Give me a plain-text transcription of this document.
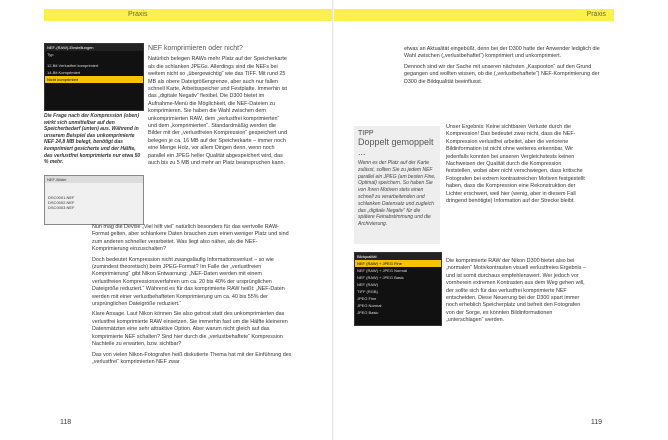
Praxis
NEF-(RAW)-Einstellungen
Typ
12-Bit Verlustfrei komprimiert
14-Bit Komprimiert
Nicht komprimiert
Die Frage nach der Kompression (oben) wirkt sich unmittelbar auf den Speicherbedarf (unten) aus. Während in unserem Beispiel das unkomprimierte NEF 24,8 MB belegt, benötigt das komprimiert gesicherte und der Hälfte, das verlustfrei komprimierte nur etwa 50 % mehr.
NEF-Bilder
DSC0001.NEF
DSC0002.NEF
DSC0003.NEF
NEF komprimieren oder nicht?

Natürlich belegen RAWs mehr Platz auf der Speicherkarte als die schlanken JPEGs. Allerdings sind die NEFs bei weitem nicht so „übergewichtig“ wie das TIFF. Mit rund 25 MB als obere Dateigrößengrenze, aber auch nur fallen schnell Karte, Arbeitsspeicher und Festplatte. Immerhin ist das „digitale Negativ“ flexibel. Die D300 bietet im Aufnahme-Menü die Möglichkeit, die NEF-Dateien zu komprimieren. Sie haben die Wahl zwischen dem unkomprimierten RAW, dem „verlustfrei komprimierten“ und dem „komprimierten“. Standardmäßig werden die Bilder mit der „verlustfreien Kompression“ gespeichert und belegen je ca. 16 MB auf der Speicherkarte – immer noch eine Menge Holz, vor allem Dingen denn, wenn noch parallel ein JPEG heller Qualität abgespeichert wird, das auch bis zu 5 MB und mehr an Platz beanspruchen kann.

Nun mag die Devise „Viel hilft viel“ natürlich besonders für das wertvolle RAW-Format gelten, aber schlankere Daten brauchen zum einen weniger Platz und sind zum anderen schneller verarbeitet. Was liegt also näher, als die NEF-Komprimierung einzuschalten?

Doch bedeutet Kompression nicht zwangsläufig Informationsverlust – so wie (zumindest theoretisch) beim JPEG-Format? Im Falle der „verlustfreien Komprimierung“ gibt Nikon Entwarnung: „NEF-Daten werden mit einem verlustfreien Kompressionsverfahren um ca. 20 bis 40% der ursprünglichen Dateigröße reduziert.“ Während es für das komprimierte RAW heißt: „NEF-Daten werden mit einer verlustbehafteten Komprimierung um ca. 40 bis 55% der ursprünglichen Dateigröße reduziert.“

Klare Ansage. Laut Nikon können Sie also getrost statt des unkomprimierten das verlustfrei komprimierte RAW einsetzen. Sie immerhin fast um die Hälfte kleineren Datenmätzten eine sehr attraktive Option. Aber warum nicht gleich auf das komprimierte NEF schalten? Sind hier durch die „verlustbehaftete“ Kompression Nachteile zu erwarten, bzw. sichtbar?

Das von vielen Nikon-Fotografen heiß diskutierte Thema hat mit der Einführung des „verlustfrei“ komprimierten NEF zwar

118
Praxis

etwas an Aktualität eingebüßt, denn bei der D300 hatte der Anwender lediglich die Wahl zwischen („verlustbehaftet“) komprimiert und unkomprimiert.

Dennoch sind wir der Sache mit unseren nächsten „Kaspooton“ auf den Grund gegangen und wollten wissen, ob die („verlustbehaftete“) NEF-Komprimierung der D300 die Bildqualität beeinflusst.

TIPP
Doppelt gemoppelt ...
Wenn es der Platz auf der Karte zulässt, sollten Sie zu jedem NEF parallel ein JPEG (am besten Fine, Optimal) speichern. So haben Sie von Ihren Motiven stets einen schnell zu verarbeitenden und schlanken Datensatz und zugleich das „digitale Negativ“ für die spätere Feinabstimmung und die Archivierung.
Bildqualität
NEF (RAW) + JPEG Fine
NEF (RAW) + JPEG Normal
NEF (RAW) + JPEG Basic
NEF (RAW)
TIFF (RGB)
JPEG Fine
JPEG Normal
JPEG Basic

Unser Ergebnis: Keine sichtbaren Verluste durch die Kompression! Das bedeutet zwar nicht, dass die NEF-Kompression verlustfrei arbeitet, aber die verlorene Bildinformation ist nicht ohne weiteres erkennbar. Wir jedenfalls konnten bei unseren Vergleichstests keinen Nachweisen der Qualität durch die Kompression feststellen, wobei aber nicht verschwiegen, dass kritische Fotografen bei extrem kontrastreichen Motiven festgestellt haben, dass die Kompression eine Rekonstruktion der Lichter erschwert, weil hier (wenig, aber in diesem Fall dringend benötigte) Information auf der Strecke bleibt.

Die komprimierte RAW der Nikon D300 bietet also bei „normalen“ Motivkontrasten visuell verlustfreies Ergebnis – und ist somit durchaus empfehlenswert. Wer jedoch vor vornherein extremen Kontrasten aus dem Weg gehen will, der sollte sich für das verlustfrei komprimierte NEF entscheiden. Diese Neuerung bei der D300 spart immer noch erheblich Speicherplatz und befreit den Fotografen von der Sorge, es könnten Bildinformationen „unterschlagen“ werden.

119
